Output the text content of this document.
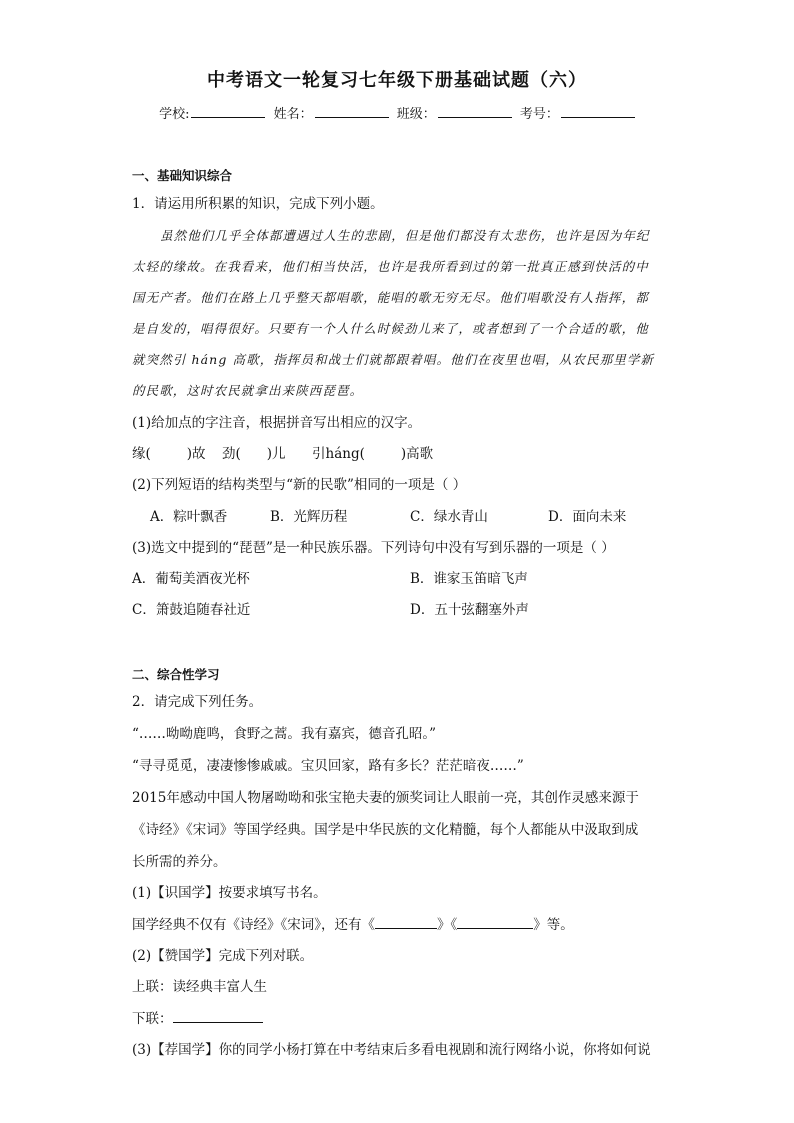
中考语文一轮复习七年级下册基础试题（六）
学校:	姓名：	班级：	考号：
一、基础知识综合
1．请运用所积累的知识，完成下列小题。
虽然他们几乎全体都遭遇过人生的悲剧，但是他们都没有太悲伤，也许是因为年纪
太轻的缘故。在我看来，他们相当快活，也许是我所看到过的第一批真正感到快活的中
国无产者。他们在路上几乎整天都唱歌，能唱的歌无穷无尽。他们唱歌没有人指挥，都
是自发的，唱得很好。只要有一个人什么时候劲儿来了，或者想到了一个合适的歌，他
就突然引 háng 高歌，指挥员和战士们就都跟着唱。他们在夜里也唱，从农民那里学新
的民歌，这时农民就拿出来陕西琵琶。
(1)给加点的字注音，根据拼音写出相应的汉字。
缘(	)故 劲( )儿 引háng(	)高歌
(2)下列短语的结构类型与“新的民歌”相同的一项是（ ）
A．粽叶飘香	B．光辉历程	C．绿水青山	D．面向未来
(3)选文中提到的“琵琶”是一种民族乐器。下列诗句中没有写到乐器的一项是（ ）
A．葡萄美酒夜光杯	B．谁家玉笛暗飞声
C．箫鼓追随春社近	D．五十弦翻塞外声
二、综合性学习
2．请完成下列任务。
“……呦呦鹿鸣，食野之蒿。我有嘉宾，德音孔昭。”
“寻寻觅觅，凄凄惨惨戚戚。宝贝回家，路有多长？茫茫暗夜……”
2015年感动中国人物屠呦呦和张宝艳夫妻的颁奖词让人眼前一亮，其创作灵感来源于
《诗经》《宋词》等国学经典。国学是中华民族的文化精髓，每个人都能从中汲取到成
长所需的养分。
(1)【识国学】按要求填写书名。
国学经典不仅有《诗经》《宋词》，还有《	》《	》等。
(2)【赞国学】完成下列对联。
上联：读经典丰富人生
下联：
(3)【荐国学】你的同学小杨打算在中考结束后多看电视剧和流行网络小说，你将如何说
